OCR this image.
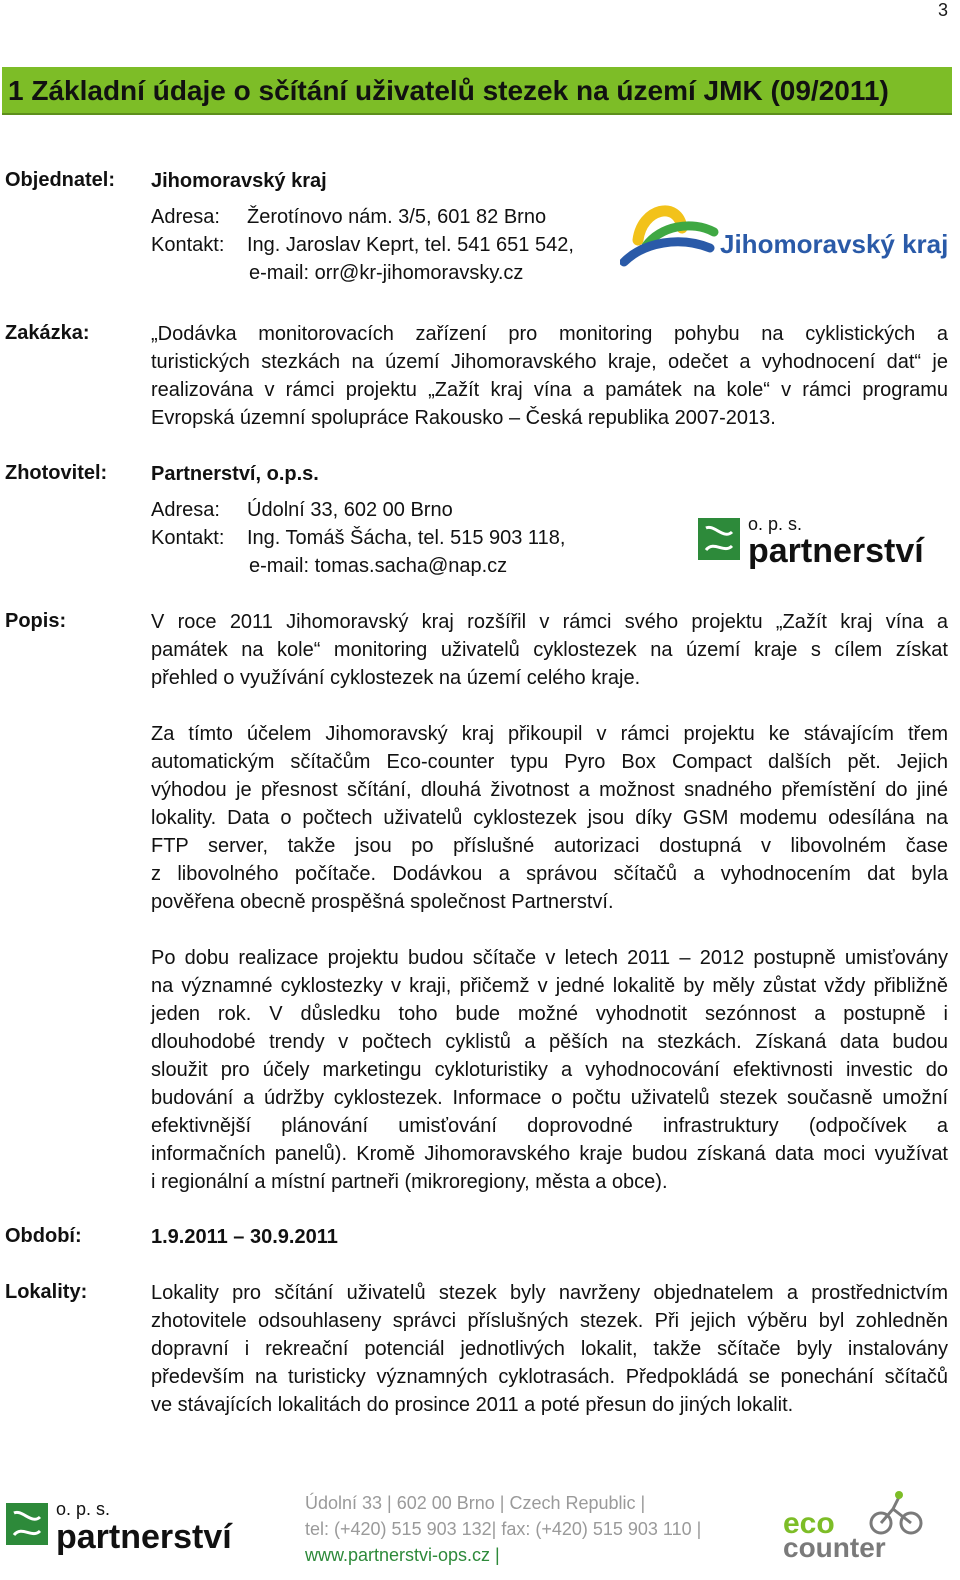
3
1 Základní údaje o sčítání uživatelů stezek na území JMK (09/2011)
Objednatel: Jihomoravský kraj
Adresa: Žerotínovo nám. 3/5, 601 82 Brno
Kontakt: Ing. Jaroslav Keprt, tel. 541 651 542,
e-mail: orr@kr-jihomoravsky.cz
Jihomoravský kraj
Zakázka:	„Dodávka monitorovacích zařízení pro monitoring pohybu na cyklistických a
turistických stezkách na území Jihomoravského kraje, odečet a vyhodnocení dat“ je
realizována v rámci projektu „Zažít kraj vína a památek na kole“ v rámci programu
Evropská územní spolupráce Rakousko – Česká republika 2007-2013.
Zhotovitel: Partnerství, o.p.s.
Adresa: Údolní 33, 602 00 Brno
Kontakt: Ing. Tomáš Šácha, tel. 515 903 118,
e-mail: tomas.sacha@nap.cz
o. p. s.
partnerství
Popis:	V roce 2011 Jihomoravský kraj rozšířil v rámci svého projektu „Zažít kraj vína a
památek na kole“ monitoring uživatelů cyklostezek na území kraje s cílem získat
přehled o využívání cyklostezek na území celého kraje.
Za tímto účelem Jihomoravský kraj přikoupil v rámci projektu ke stávajícím třem
automatickým sčítačům Eco-counter typu Pyro Box Compact dalších pět. Jejich
výhodou je přesnost sčítání, dlouhá životnost a možnost snadného přemístění do jiné
lokality. Data o počtech uživatelů cyklostezek jsou díky GSM modemu odesílána na
FTP server, takže jsou po příslušné autorizaci dostupná v libovolném čase
z libovolného počítače. Dodávkou a správou sčítačů a vyhodnocením dat byla
pověřena obecně prospěšná společnost Partnerství.
Po dobu realizace projektu budou sčítače v letech 2011 – 2012 postupně umisťovány
na významné cyklostezky v kraji, přičemž v jedné lokalitě by měly zůstat vždy přibližně
jeden rok. V důsledku toho bude možné vyhodnotit sezónnost a postupně i
dlouhodobé trendy v počtech cyklistů a pěších na stezkách. Získaná data budou
sloužit pro účely marketingu cykloturistiky a vyhodnocování efektivnosti investic do
budování a údržby cyklostezek. Informace o počtu uživatelů stezek současně umožní
efektivnější plánování umisťování doprovodné infrastruktury (odpočívek a
informačních panelů). Kromě Jihomoravského kraje budou získaná data moci využívat
i regionální a místní partneři (mikroregiony, města a obce).
Období:	1.9.2011 – 30.9.2011
Lokality:	Lokality pro sčítání uživatelů stezek byly navrženy objednatelem a prostřednictvím
zhotovitele odsouhlaseny správci příslušných stezek. Při jejich výběru byl zohledněn
dopravní i rekreační potenciál jednotlivých lokalit, takže sčítače byly instalovány
především na turisticky významných cyklotrasách. Předpokládá se ponechání sčítačů
ve stávajících lokalitách do prosince 2011 a poté přesun do jiných lokalit.
o. p. s.
partnerství
Údolní 33 | 602 00 Brno | Czech Republic |
tel: (+420) 515 903 132| fax: (+420) 515 903 110 |
www.partnerstvi-ops.cz |
eco
counter
